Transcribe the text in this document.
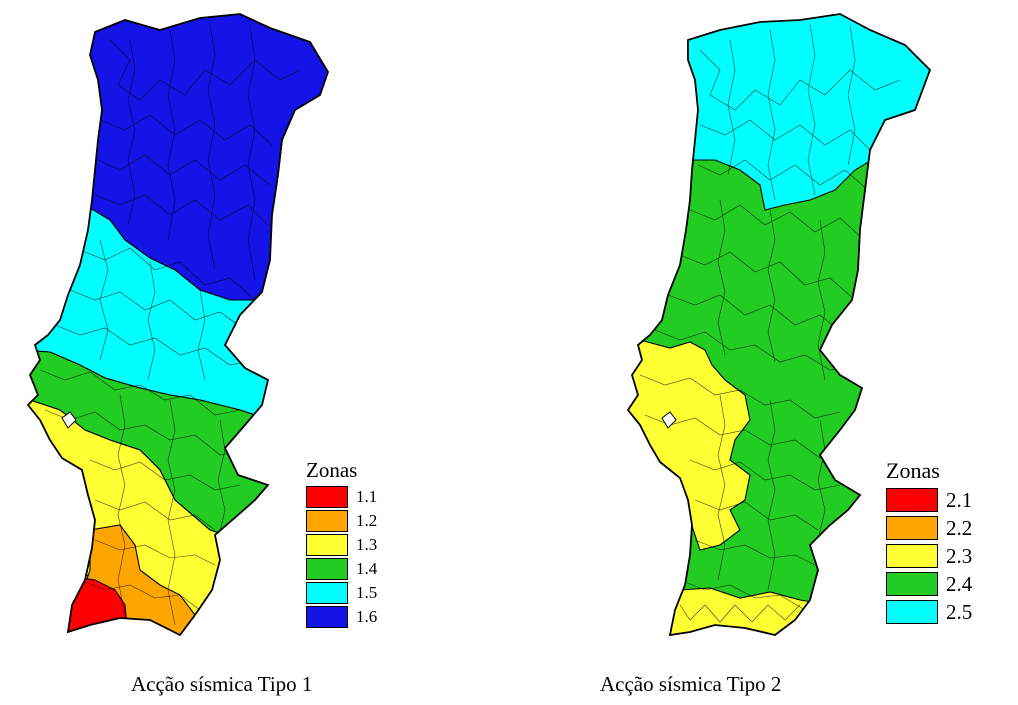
Zonas
1.1
1.2
1.3
1.4
1.5
1.6
Zonas
2.1
2.2
2.3
2.4
2.5
Acção sísmica Tipo 1	Acção sísmica Tipo 2
